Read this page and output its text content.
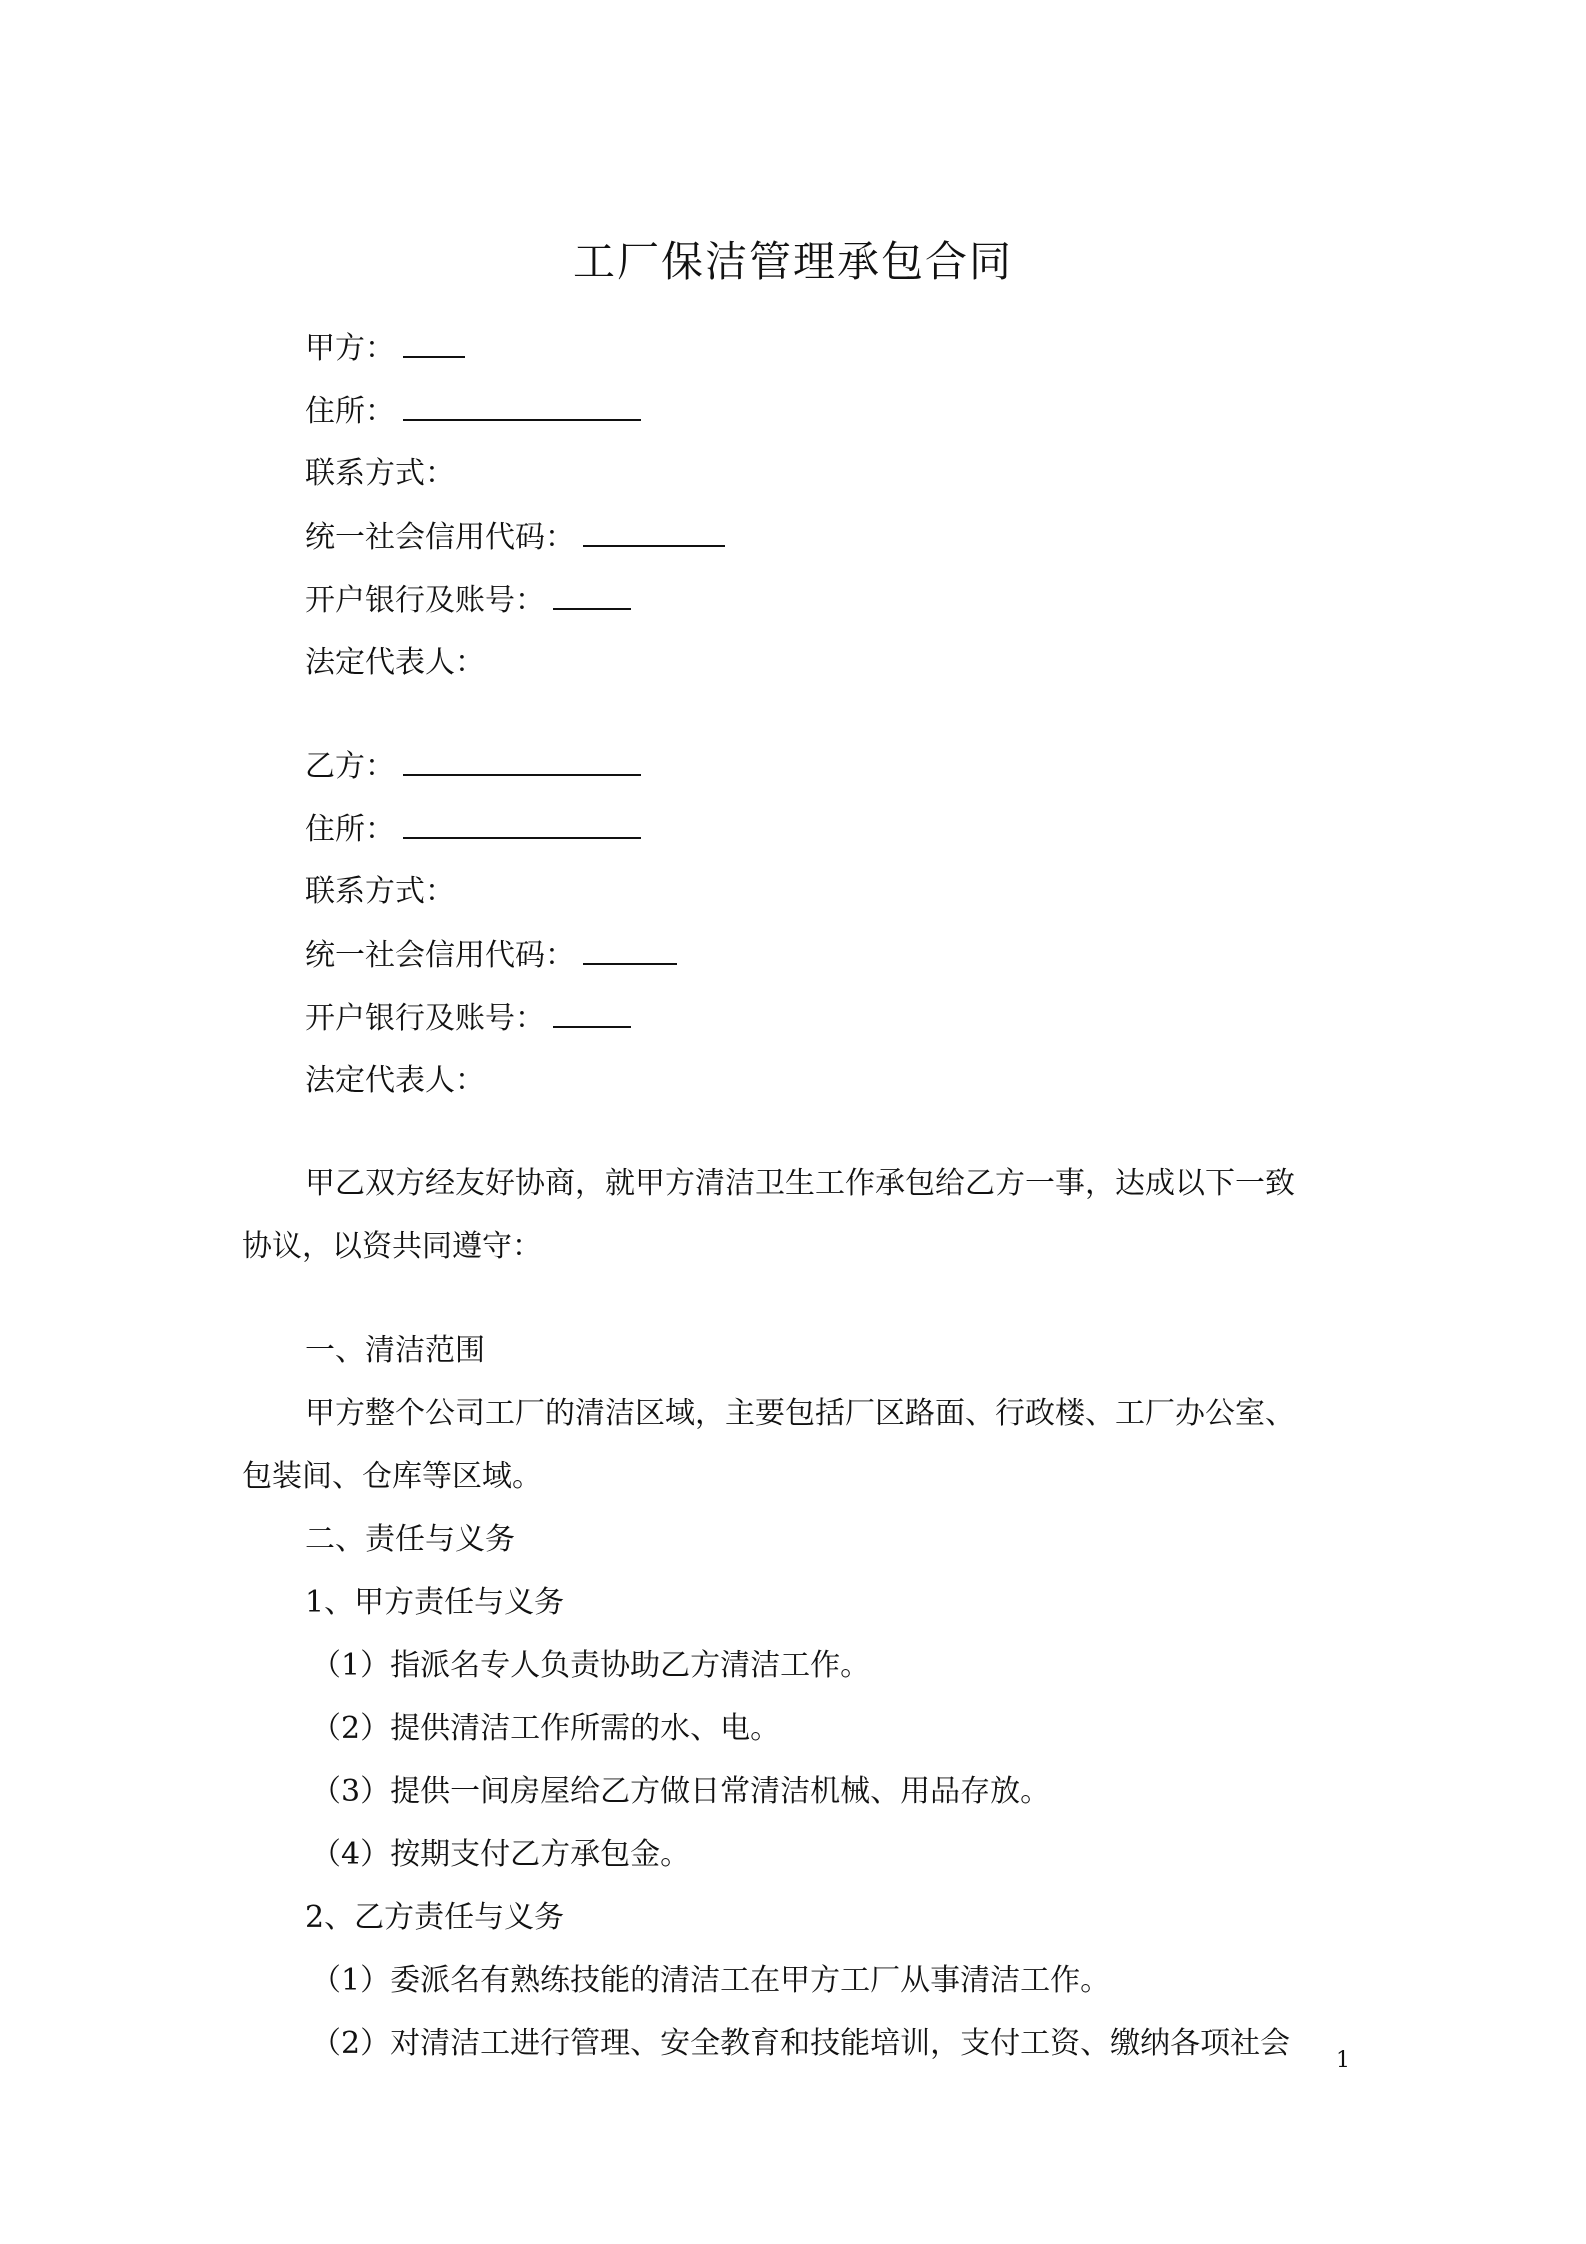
工厂保洁管理承包合同
甲方：
住所：
联系方式：
统一社会信用代码：
开户银行及账号：
法定代表人：
乙方：
住所：
联系方式：
统一社会信用代码：
开户银行及账号：
法定代表人：
甲乙双方经友好协商，就甲方清洁卫生工作承包给乙方一事，达成以下一致
协议，以资共同遵守：
一、清洁范围
甲方整个公司工厂的清洁区域，主要包括厂区路面、行政楼、工厂办公室、
包装间、仓库等区域。
二、责任与义务
1、甲方责任与义务
（1）指派名专人负责协助乙方清洁工作。
（2）提供清洁工作所需的水、电。
（3）提供一间房屋给乙方做日常清洁机械、用品存放。
（4）按期支付乙方承包金。
2、乙方责任与义务
（1）委派名有熟练技能的清洁工在甲方工厂从事清洁工作。
（2）对清洁工进行管理、安全教育和技能培训，支付工资、缴纳各项社会 1
